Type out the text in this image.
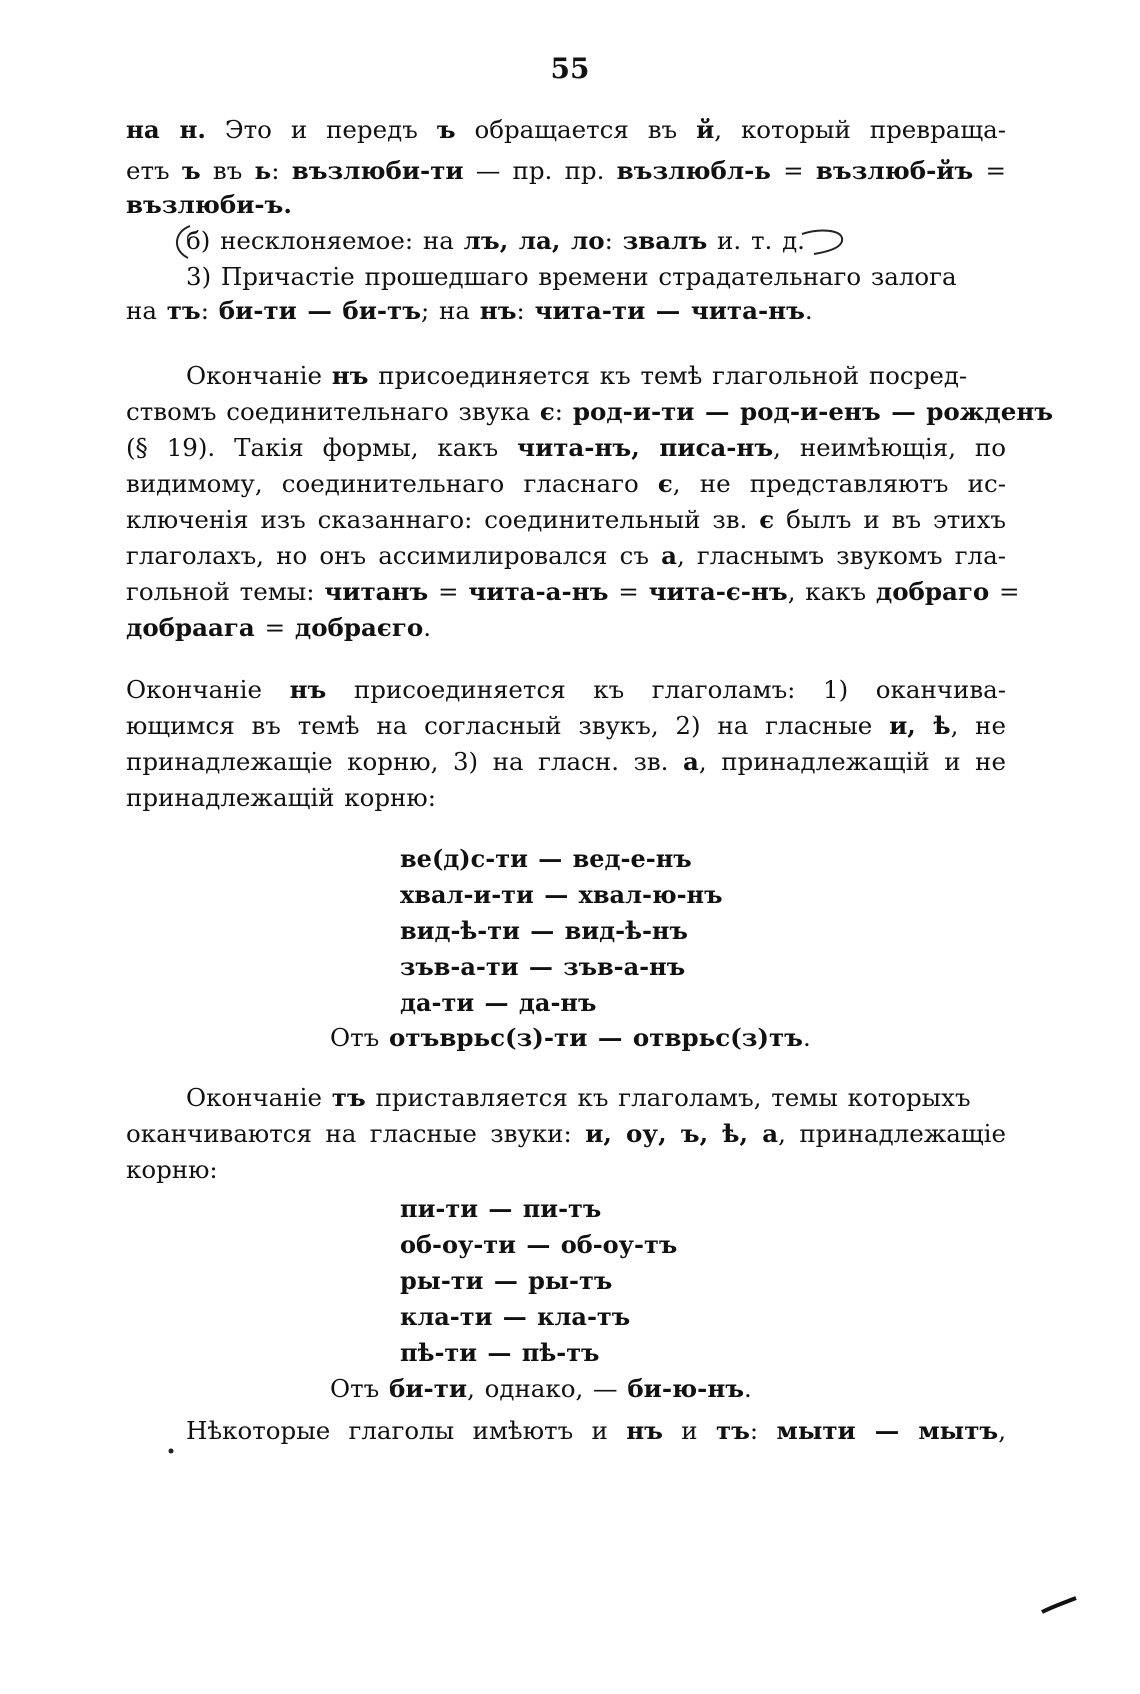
55
на н. Это и передъ ъ обращается въ й, который превраща-
етъ ъ въ ь: възлюби-ти — пр. пр. възлюбл-ь = възлюб-йъ =
възлюби-ъ.
б) несклоняемое: на лъ, ла, ло: звалъ и. т. д.
3) Причастіе прошедшаго времени страдательнаго залога
на тъ: би-ти — би-тъ; на нъ: чита-ти — чита-нъ.
Окончаніе нъ присоединяется къ темѣ глагольной посред-
ствомъ соединительнаго звука є: род-и-ти — род-и-енъ — рожденъ
(§ 19). Такія формы, какъ чита-нъ, писа-нъ, неимѣющія, по
видимому, соединительнаго гласнаго є, не представляютъ ис-
ключенія изъ сказаннаго: соединительный зв. є былъ и въ этихъ
глаголахъ, но онъ ассимилировался съ а, гласнымъ звукомъ гла-
гольной темы: читанъ = чита-а-нъ = чита-є-нъ, какъ добраго =
добраага = добраєго.
Окончаніе нъ присоединяется къ глаголамъ: 1) оканчива-
ющимся въ темѣ на согласный звукъ, 2) на гласные и, ѣ, не
принадлежащіе корню, 3) на гласн. зв. а, принадлежащій и не
принадлежащій корню:
ве(д)с-ти — вед-е-нъ
хвал-и-ти — хвал-ю-нъ
вид-ѣ-ти — вид-ѣ-нъ
зъв-а-ти — зъв-а-нъ
да-ти — да-нъ
Отъ отъврьс(з)-ти — отврьс(з)тъ.
Окончаніе тъ приставляется къ глаголамъ, темы которыхъ
оканчиваются на гласные звуки: и, оу, ъ, ѣ, а, принадлежащіе
корню:
пи-ти — пи-тъ
об-оу-ти — об-оу-тъ
ры-ти — ры-тъ
кла-ти — кла-тъ
пѣ-ти — пѣ-тъ
Отъ би-ти, однако, — би-ю-нъ.
Нѣкоторые глаголы имѣютъ и нъ и тъ: мыти — мытъ,
